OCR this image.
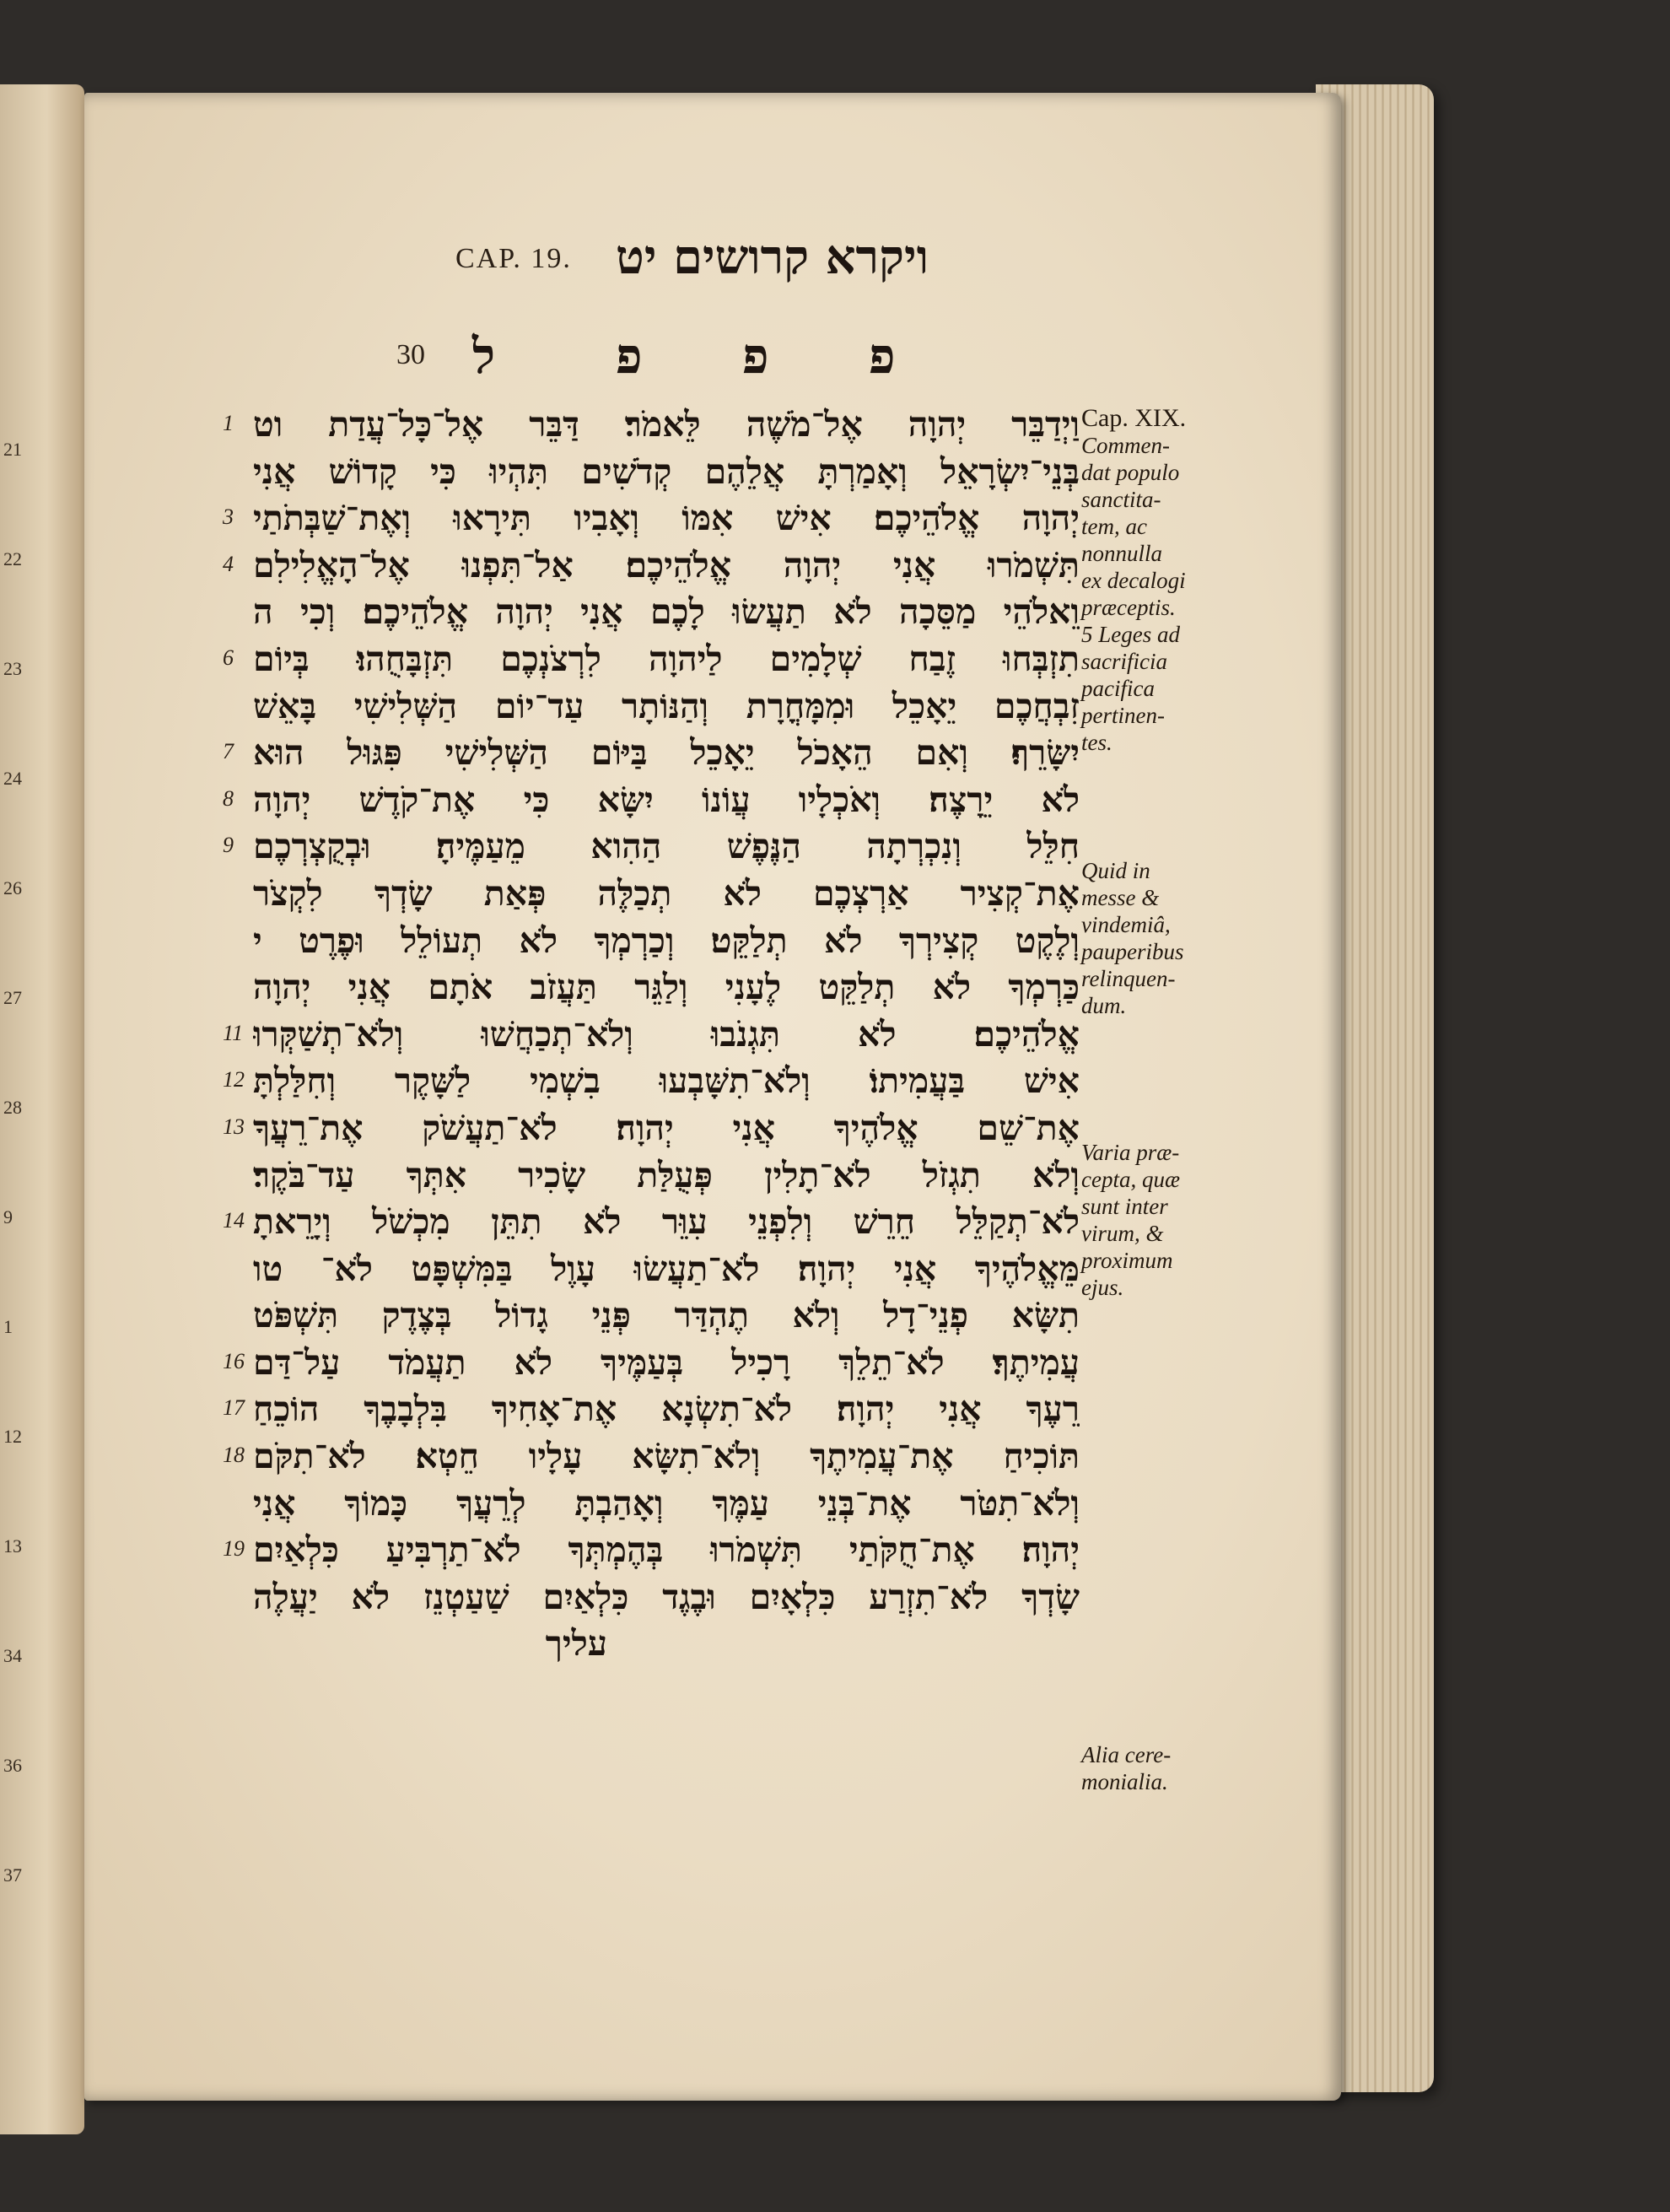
21
22
23
24
26
27
28
9
1
12
13
34
36
37
CAP. 19. ויקרא קרושים יט
30 ל פ פ פ
1 וַיְדַבֵּר יְהוָה אֶל־מֹשֶׁה לֵּאמֹר׃ דַּבֵּר אֶל־כָּל־עֲדַת וט
בְּנֵי־יִשְׂרָאֵל וְאָמַרְתָּ אֲלֵהֶם קְדֹשִׁים תִּהְיוּ כִּי קָדוֹשׁ אֲנִי
3 יְהוָה אֱלֹהֵיכֶם׃ אִישׁ אִמּוֹ וְאָבִיו תִּירָאוּ וְאֶת־שַׁבְּתֹתַי
4 תִּשְׁמֹרוּ אֲנִי יְהוָה אֱלֹהֵיכֶם׃ אַל־תִּפְנוּ אֶל־הָאֱלִילִם
וֵאלֹהֵי מַסֵּכָה לֹא תַעֲשׂוּ לָכֶם אֲנִי יְהוָה אֱלֹהֵיכֶם׃ וְכִי ה
6 תִזְבְּחוּ זֶבַח שְׁלָמִים לַיהוָה לִרְצֹנְכֶם תִּזְבָּחֻהוּ׃ בְּיוֹם
זִבְחֲכֶם יֵאָכֵל וּמִמָּחֳרָת וְהַנּוֹתָר עַד־יוֹם הַשְּׁלִישִׁי בָּאֵשׁ
7 יִשָּׂרֵף׃ וְאִם הֵאָכֹל יֵאָכֵל בַּיּוֹם הַשְּׁלִישִׁי פִּגּוּל הוּא
8 לֹא יֵרָצֶה׃ וְאֹכְלָיו עֲוֹנוֹ יִשָּׂא כִּי אֶת־קֹדֶשׁ יְהוָה
9 חִלֵּל וְנִכְרְתָה הַנֶּפֶשׁ הַהִוא מֵעַמֶּיהָ׃ וּבְקֻצְרְכֶם
אֶת־קְצִיר אַרְצְכֶם לֹא תְכַלֶּה פְּאַת שָׂדְךָ לִקְצֹר
וְלֶקֶט קְצִירְךָ לֹא תְלַקֵּט׃ וְכַרְמְךָ לֹא תְעוֹלֵל וּפֶרֶט י
כַּרְמְךָ לֹא תְלַקֵּט לֶעָנִי וְלַגֵּר תַּעֲזֹב אֹתָם אֲנִי יְהוָה
11 אֱלֹהֵיכֶם׃ לֹא תִּגְנֹבוּ וְלֹא־תְכַחֲשׁוּ וְלֹא־תְשַׁקְּרוּ
12 אִישׁ בַּעֲמִיתוֹ׃ וְלֹא־תִשָּׁבְעוּ בִשְׁמִי לַשָּׁקֶר וְחִלַּלְתָּ
13 אֶת־שֵׁם אֱלֹהֶיךָ אֲנִי יְהוָה׃ לֹא־תַעֲשֹׁק אֶת־רֵעֲךָ
וְלֹא תִגְזֹל לֹא־תָלִין פְּעֻלַּת שָׂכִיר אִתְּךָ עַד־בֹּקֶר׃
14 לֹא־תְקַלֵּל חֵרֵשׁ וְלִפְנֵי עִוֵּר לֹא תִתֵּן מִכְשֹׁל וְיָרֵאתָ
מֵּאֱלֹהֶיךָ אֲנִי יְהוָה׃ לֹא־תַעֲשׂוּ עָוֶל בַּמִּשְׁפָּט לֹא־ טו
תִשָּׂא פְנֵי־דָל וְלֹא תֶהְדַּר פְּנֵי גָדוֹל בְּצֶדֶק תִּשְׁפֹּט
16 עֲמִיתֶךָ׃ לֹא־תֵלֵךְ רָכִיל בְּעַמֶּיךָ לֹא תַעֲמֹד עַל־דַּם
17 רֵעֶךָ אֲנִי יְהוָה׃ לֹא־תִשְׂנָא אֶת־אָחִיךָ בִּלְבָבֶךָ הוֹכֵחַ
18 תּוֹכִיחַ אֶת־עֲמִיתֶךָ וְלֹא־תִשָּׂא עָלָיו חֵטְא׃ לֹא־תִקֹּם
וְלֹא־תִטֹּר אֶת־בְּנֵי עַמֶּךָ וְאָהַבְתָּ לְרֵעֲךָ כָּמוֹךָ אֲנִי
19 יְהוָה׃ אֶת־חֻקֹּתַי תִּשְׁמֹרוּ בְּהֶמְתְּךָ לֹא־תַרְבִּיעַ כִּלְאַיִם
שָׂדְךָ לֹא־תִזְרַע כִּלְאָיִם וּבֶגֶד כִּלְאַיִם שַׁעַטְנֵז לֹא יַעֲלֶה
עליך
Cap. XIX.
Commen-
dat populo
sanctita-
tem, ac
nonnulla
ex decalogi
præceptis.
5 Leges ad
sacrificia
pacifica
pertinen-
tes.
Quid in
messe &
vindemiâ,
pauperibus
relinquen-
dum.
Varia præ-
cepta, quæ
sunt inter
virum, &
proximum
ejus.
Alia cere-
monialia.
